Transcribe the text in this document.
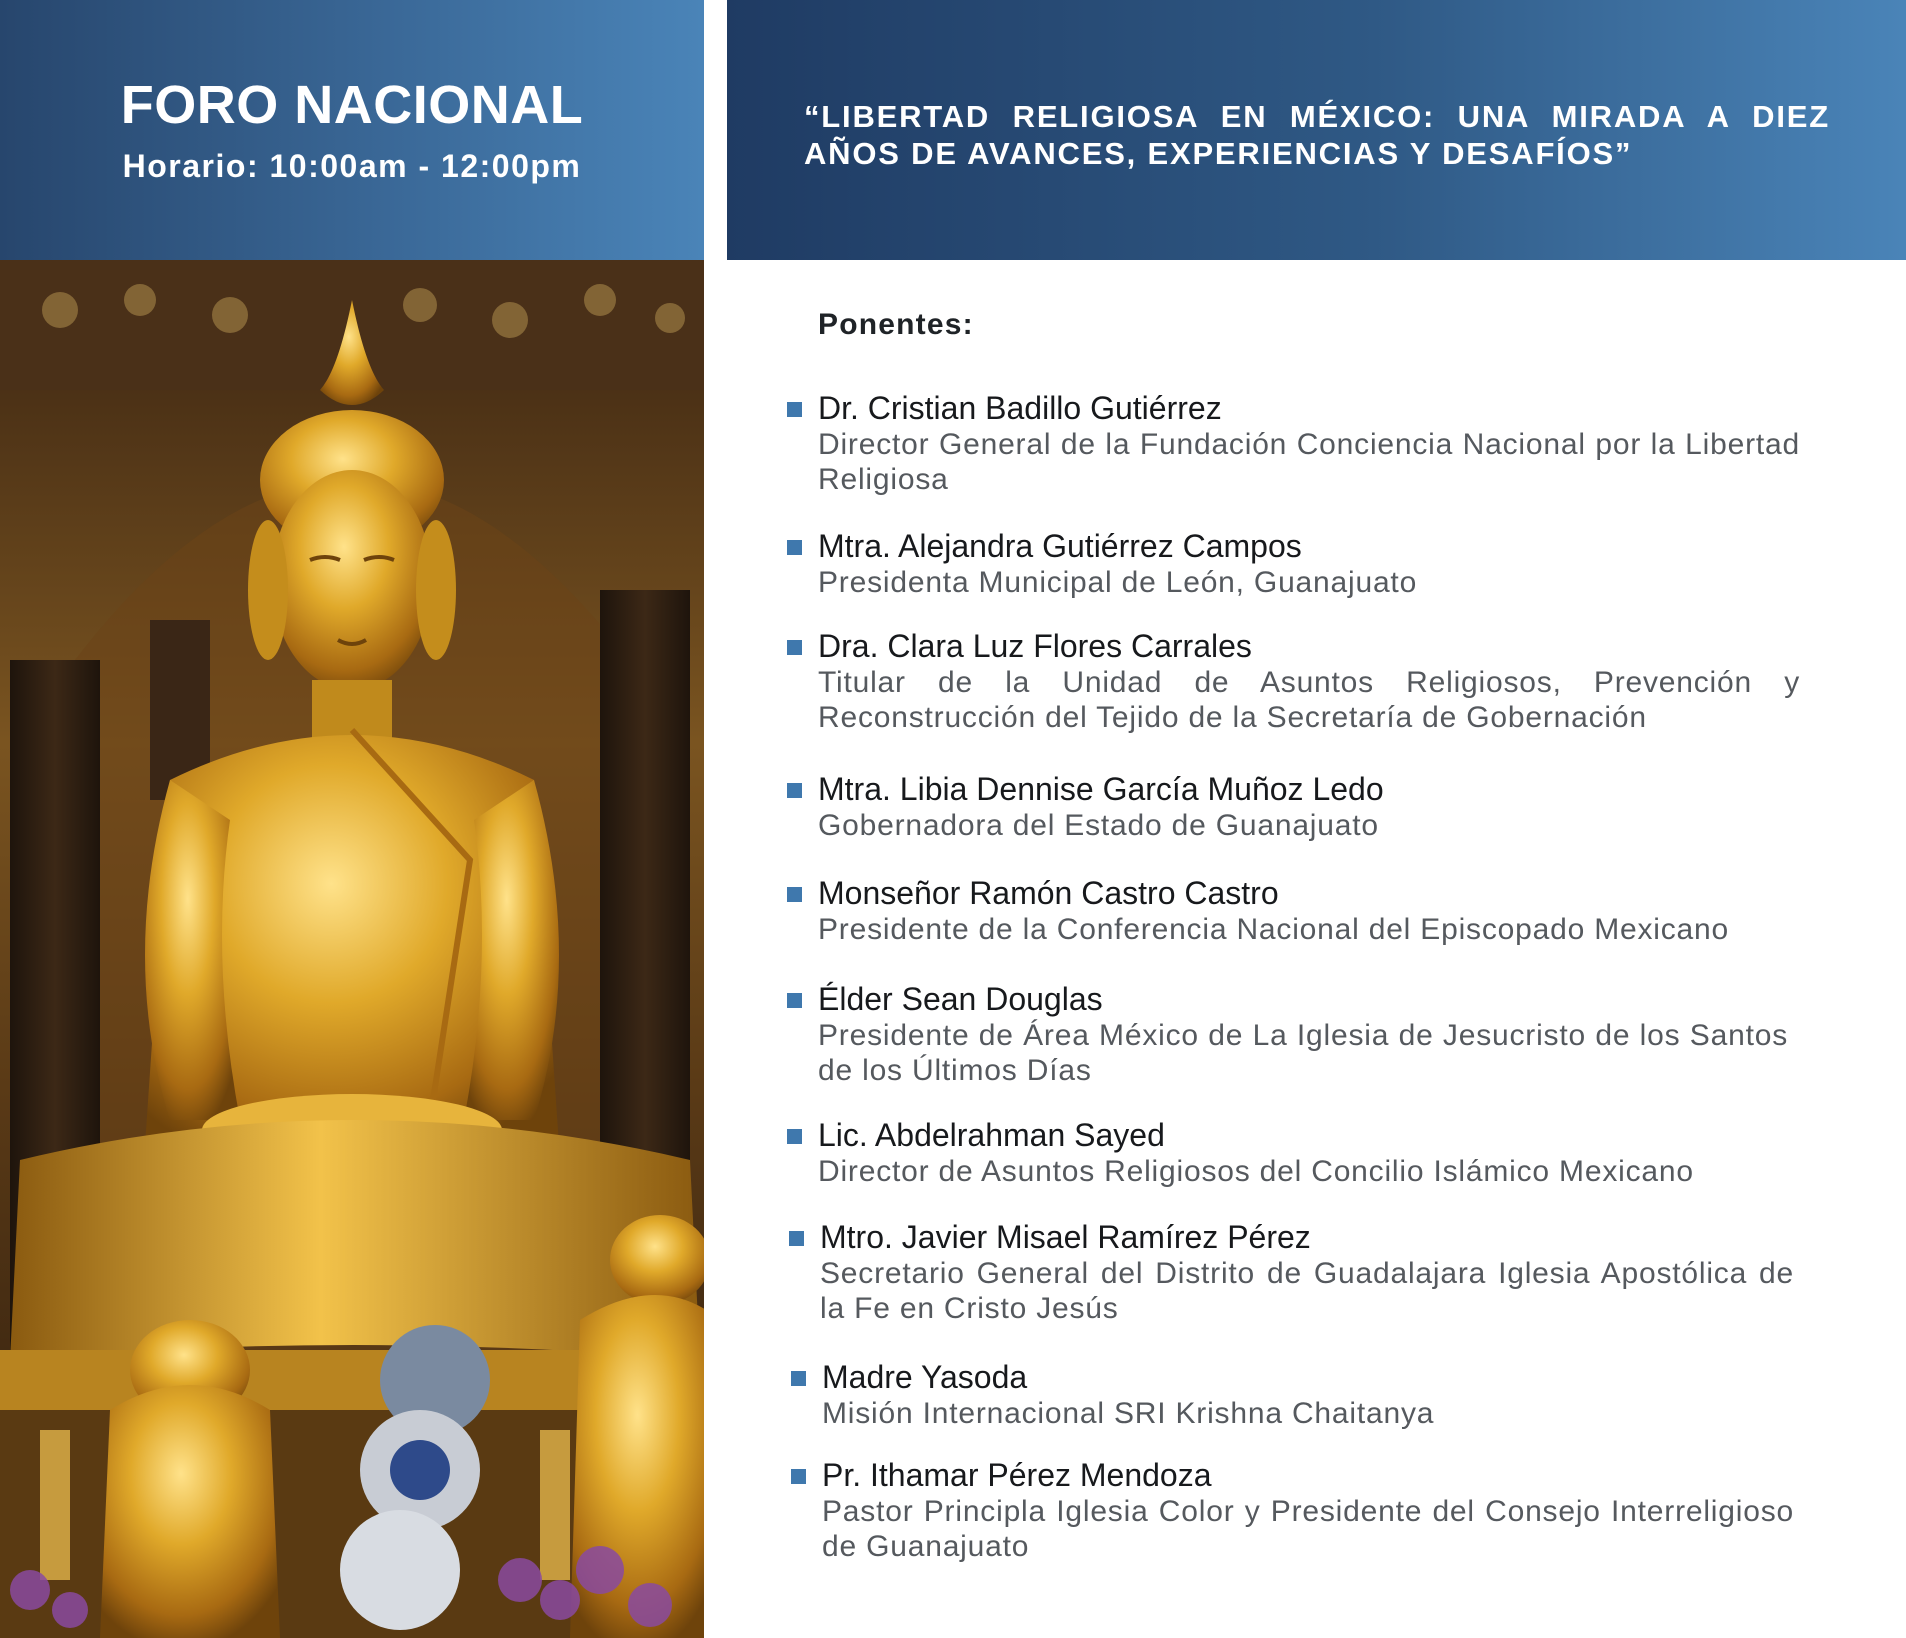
FORO NACIONAL
Horario: 10:00am - 12:00pm
“LIBERTAD RELIGIOSA EN MÉXICO: UNA MIRADA A DIEZ AÑOS DE AVANCES, EXPERIENCIAS Y DESAFÍOS”
Ponentes:
Dr. Cristian Badillo Gutiérrez
Director General de la Fundación Conciencia Nacional por la Libertad Religiosa
Mtra. Alejandra Gutiérrez Campos
Presidenta Municipal de León, Guanajuato
Dra. Clara Luz Flores Carrales
Titular de la Unidad de Asuntos Religiosos, Prevención y Reconstrucción del Tejido de la Secretaría de Gobernación
Mtra. Libia Dennise García Muñoz Ledo
Gobernadora del Estado de Guanajuato
Monseñor Ramón Castro Castro
Presidente de la Conferencia Nacional del Episcopado Mexicano
Élder Sean Douglas
Presidente de Área México de La Iglesia de Jesucristo de los Santos de los Últimos Días
Lic. Abdelrahman Sayed
Director de Asuntos Religiosos del Concilio Islámico Mexicano
Mtro. Javier Misael Ramírez Pérez
Secretario General del Distrito de Guadalajara Iglesia Apostólica de la Fe en Cristo Jesús
Madre Yasoda
Misión Internacional SRI Krishna Chaitanya
Pr. Ithamar Pérez Mendoza
Pastor Principla Iglesia Color y Presidente del Consejo Interreligioso de Guanajuato
